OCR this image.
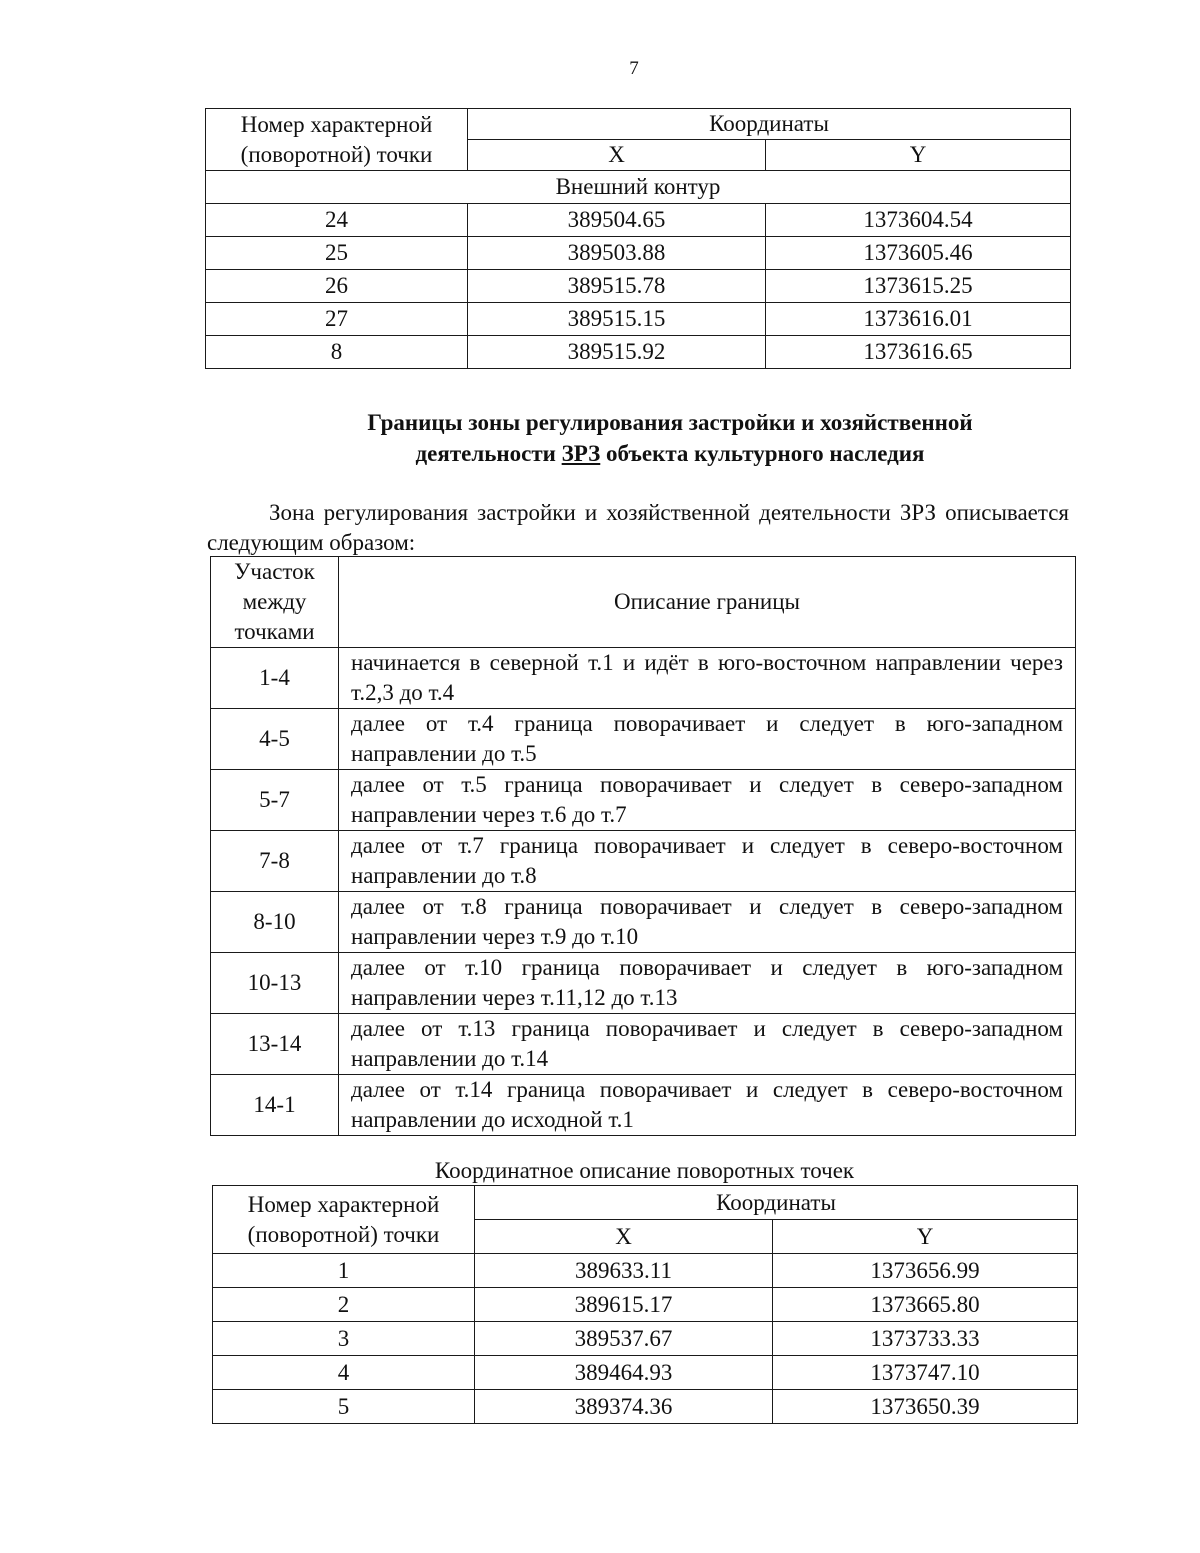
7
Номер характерной (поворотной) точки	Координаты	
	X	Y
Внешний контур		
24	389504.65	1373604.54
25	389503.88	1373605.46
26	389515.78	1373615.25
27	389515.15	1373616.01
8	389515.92	1373616.65
Границы зоны регулирования застройки и хозяйственной
деятельности ЗРЗ объекта культурного наследия
Зона регулирования застройки и хозяйственной деятельности ЗРЗ описывается следующим образом:
Участок между точками	Описание границы
1-4	начинается в северной т.1 и идёт в юго-восточном направлении через т.2,3 до т.4
4-5	далее от т.4 граница поворачивает и следует в юго-западном направлении до т.5
5-7	далее от т.5 граница поворачивает и следует в северо-западном направлении через т.6 до т.7
7-8	далее от т.7 граница поворачивает и следует в северо-восточном направлении до т.8
8-10	далее от т.8 граница поворачивает и следует в северо-западном направлении через т.9 до т.10
10-13	далее от т.10 граница поворачивает и следует в юго-западном направлении через т.11,12 до т.13
13-14	далее от т.13 граница поворачивает и следует в северо-западном направлении до т.14
14-1	далее от т.14 граница поворачивает и следует в северо-восточном направлении до исходной т.1
Координатное описание поворотных точек
Номер характерной (поворотной) точки	Координаты	
	X	Y
1	389633.11	1373656.99
2	389615.17	1373665.80
3	389537.67	1373733.33
4	389464.93	1373747.10
5	389374.36	1373650.39
